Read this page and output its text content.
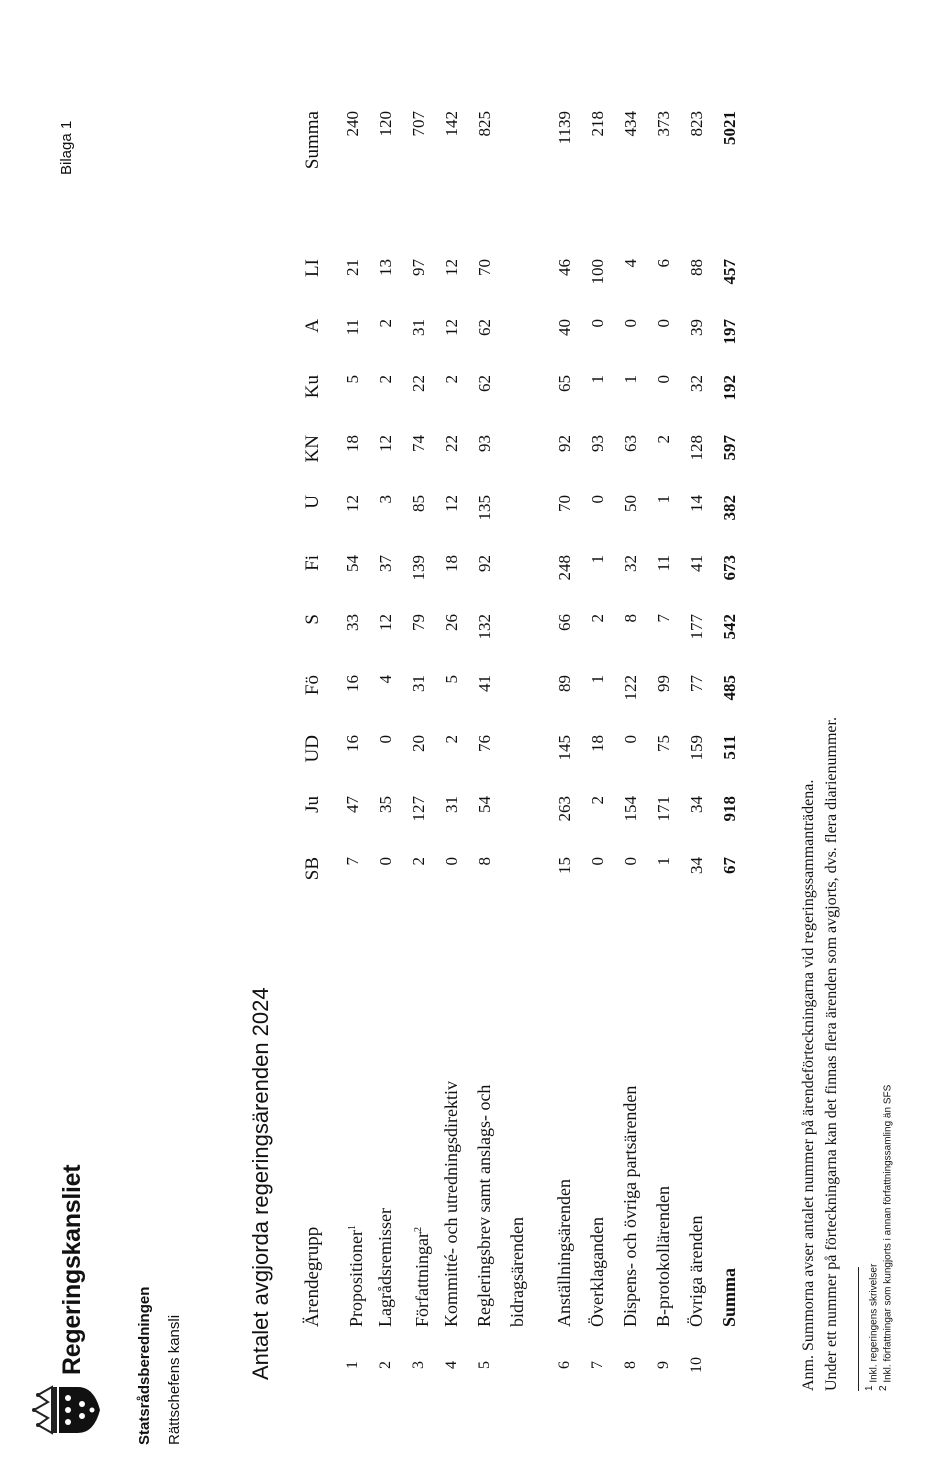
Regeringskansliet
Bilaga 1
Statsrådsberedningen Rättschefens kansli	Antalet avgjorda regeringsärenden 2024 Ärendegrupp
SB
Ju
UD
Fö
S
Fi
U
KN
Ku
A
LI
Summa
1
Propositioner$^1$
7
47
16
16
33
54
12
18
5
11
21
240
2
Lagrådsremisser
0
35
0
4
12
37
3
12
2
2
13
120
3
Författningar$^2$
2
127
20
31
79
139
85
74
22
31
97
707
4
Kommitté- och utredningsdirektiv
0
31
2
5
26
18
12
22
2
12
12
142
5
Regleringsbrev samt anslags- och bidragsärenden
8
54
76
41
132
92
135
93
62
62
70
825
6
Anställningsärenden
15
263
145
89
66
248
70
92
65
40
46
1139
7
Överklaganden
0
2
18
1
2
1
0
93
1
0
100
218
8
Dispens- och övriga partsärenden
0
154
0
122
8
32
50
63
1
0
4
434
9
B-protokollärenden
1
171
75
99
7
11
1
2
0
0
6
373
10
Övriga ärenden
34
34
159
77
177
41
14
128
32
39
88
823
Summa
67
918
511
485
542
673
382
597
192
197
457
5021
Anm. Summorna avser antalet nummer på ärendeförteckningarna vid regeringssammanträdena. Under ett nummer på förteckningarna kan det finnas flera ärenden som avgjorts, dvs. flera diarienummer. $^1$ Inkl. regeringens skrivelser
$^2$ Inkl. författningar som kungjorts i annan författningssamling än SFS
